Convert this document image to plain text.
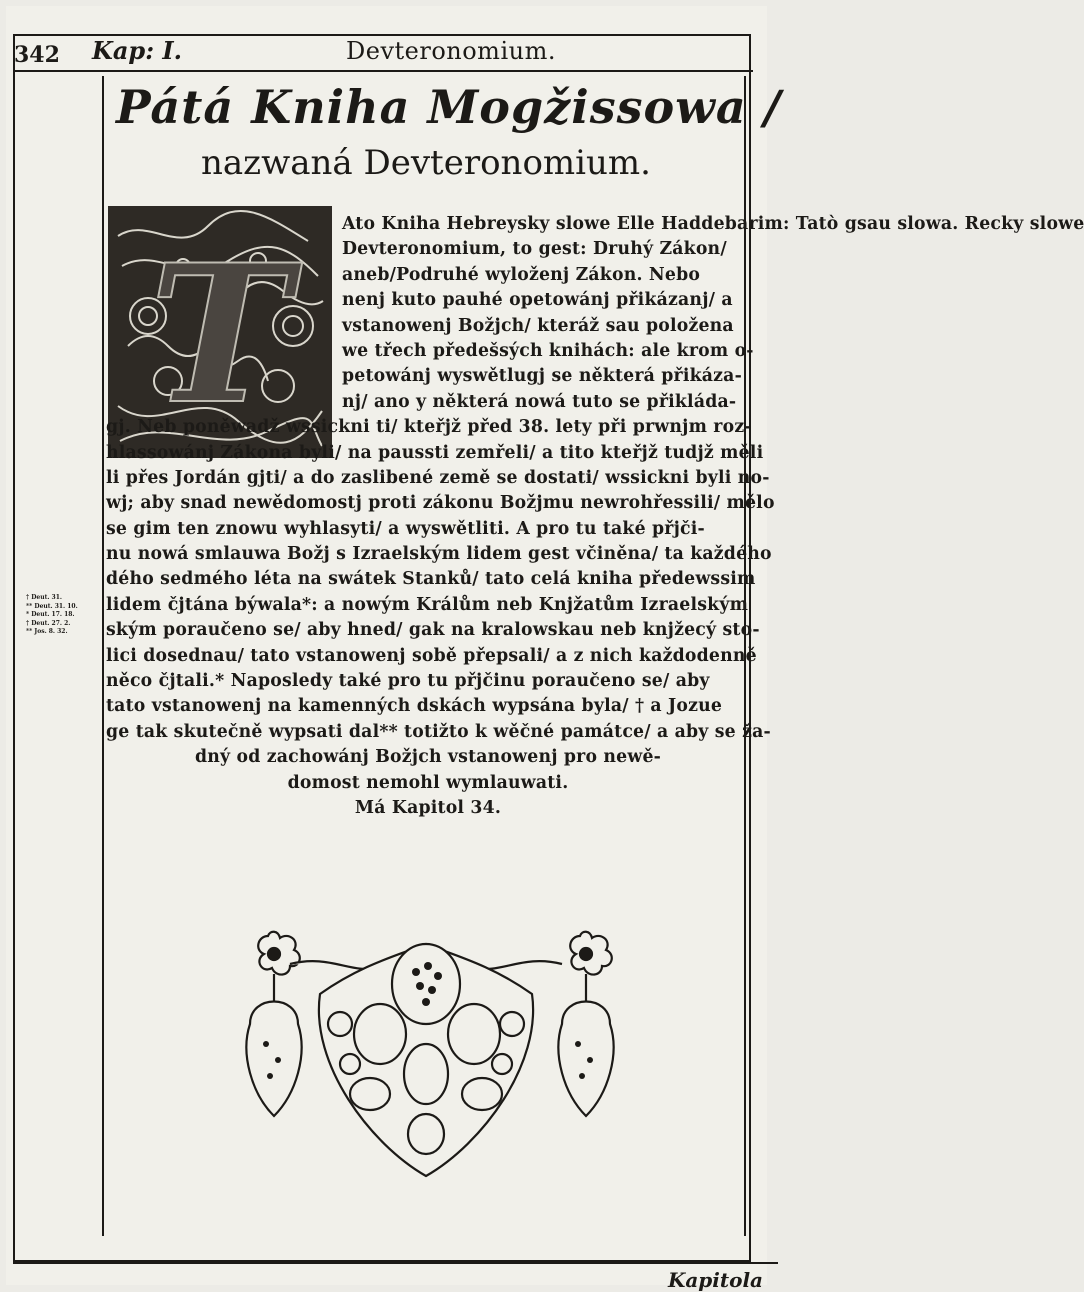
342 Kap: I.	Devteronomium.
Pátá Kniha Mogžissowa /
nazwaná Devteronomium.
T	Ato Kniha Hebreysky slowe Elle Haddebarim: Tatò gsau slowa. Recky slowe
Devteronomium, to gest: Druhý Zákon/
aneb/Podruhé wyloženj Zákon. Nebo
nenj kuto pauhé opetowánj přikázanj/ a
vstanowenj Božjch/ kteráž sau položena
we třech předešsých knihách: ale krom o-
petowánj wyswětlugj se některá přikáza-
nj/ ano y některá nowá tuto se přikláda-
gj. Neb poněwadž wssickni ti/ kteřjž před 38. lety při prwnjm roz-
hlassowánj Zákona byli/ na paussti zemřeli/ a tito kteřjž tudjž měli
li přes Jordán gjti/ a do zaslibené země se dostati/ wssickni byli no-
wj; aby snad newědomostj proti zákonu Božjmu newrohřessili/ mělo
se gim ten znowu wyhlasyti/ a wyswětliti. A pro tu také přjči-
nu nowá smlauwa Božj s Izraelským lidem gest včiněna/ ta každého
dého sedmého léta na swátek Stanků/ tato celá kniha předewssim
lidem čjtána býwala*: a nowým Králům neb Knjžatům Izraelským
ským poraučeno se/ aby hned/ gak na kralowskau neb knjžecý sto-
lici dosednau/ tato vstanowenj sobě přepsali/ a z nich každodenně
něco čjtali.* Naposledy také pro tu přjčinu poraučeno se/ aby
tato vstanowenj na kamenných dskách wypsána byla/ † a Jozue
ge tak skutečně wypsati dal** totižto k wěčné památce/ a aby se ža-
dný od zachowánj Božjch vstanowenj pro newě-
domost nemohl wymlauwati.
Má Kapitol 34.
† Deut. 31.
** Deut. 31. 10.
* Deut. 17. 18.
† Deut. 27. 2.
** Jos. 8. 32.
Kapitola
